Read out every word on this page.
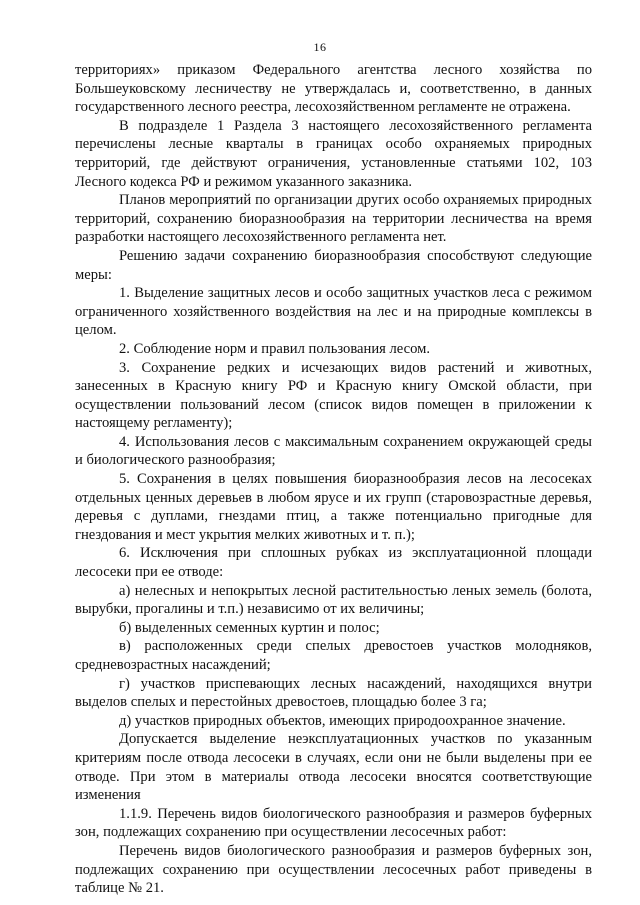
16

территориях» приказом Федерального агентства лесного хозяйства по Большеуковскому лесничеству не утверждалась и, соответственно, в данных государственного лесного реестра, лесохозяйственном регламенте не отражена.

В подразделе 1 Раздела 3 настоящего лесохозяйственного регламента перечислены лесные кварталы в границах особо охраняемых природных территорий, где действуют ограничения, установленные статьями 102, 103 Лесного кодекса РФ и режимом указанного заказника.

Планов мероприятий по организации других особо охраняемых природных территорий, сохранению биоразнообразия на территории лесничества на время разработки настоящего лесохозяйственного регламента нет.

Решению задачи сохранению биоразнообразия способствуют следующие меры:

1. Выделение защитных лесов и особо защитных участков леса с режимом ограниченного хозяйственного воздействия на лес и на природные комплексы в целом.

2. Соблюдение норм и правил пользования лесом.

3. Сохранение редких и исчезающих видов растений и животных, занесенных в Красную книгу РФ и Красную книгу Омской области, при осуществлении пользований лесом (список видов помещен в приложении к настоящему регламенту);

4. Использования лесов с максимальным сохранением окружающей среды и биологического разнообразия;

5. Сохранения в целях повышения биоразнообразия лесов на лесосеках отдельных ценных деревьев в любом ярусе и их групп (старовозрастные деревья, деревья с дуплами, гнездами птиц, а также потенциально пригодные для гнездования и мест укрытия мелких животных и т. п.);

6. Исключения при сплошных рубках из эксплуатационной площади лесосеки при ее отводе:

а) нелесных и непокрытых лесной растительностью леных земель (болота, вырубки, прогалины и т.п.) независимо от их величины;

б) выделенных семенных куртин и полос;

в) расположенных среди спелых древостоев участков молодняков, средневозрастных насаждений;

г) участков приспевающих лесных насаждений, находящихся внутри выделов спелых и перестойных древостоев, площадью более 3 га;

д) участков природных объектов, имеющих природоохранное значение.

Допускается выделение неэксплуатационных участков по указанным критериям после отвода лесосеки в случаях, если они не были выделены при ее отводе. При этом в материалы отвода лесосеки вносятся соответствующие изменения

1.1.9. Перечень видов биологического разнообразия и размеров буферных зон, подлежащих сохранению при осуществлении лесосечных работ:

Перечень видов биологического разнообразия и размеров буферных зон, подлежащих сохранению при осуществлении лесосечных работ приведены в таблице № 21.
